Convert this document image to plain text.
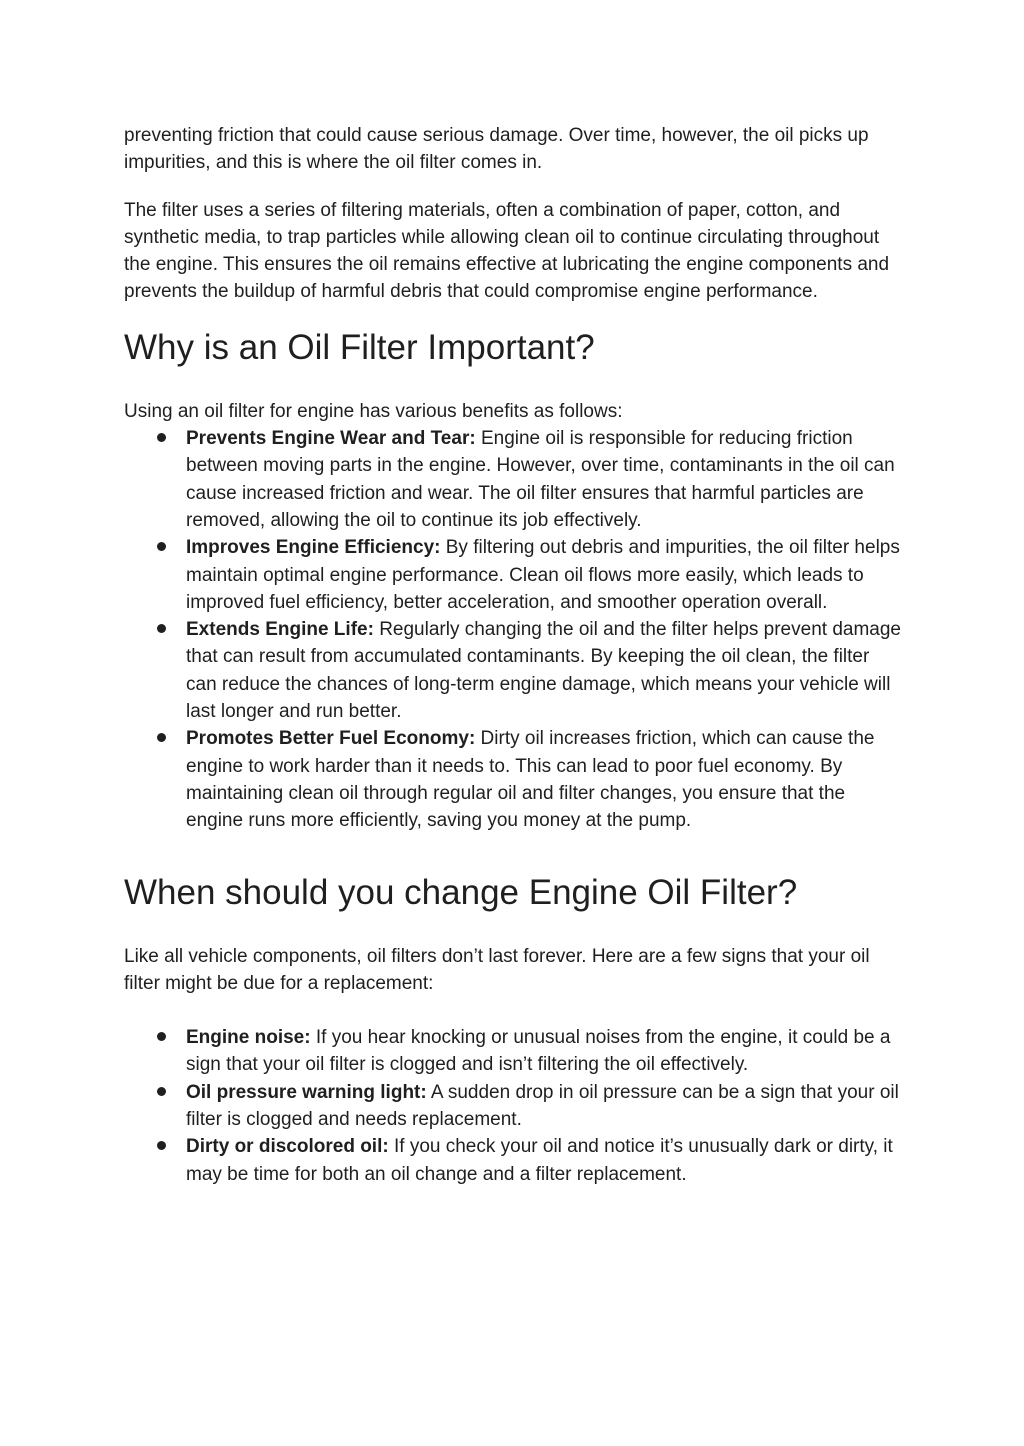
preventing friction that could cause serious damage. Over time, however, the oil picks up impurities, and this is where the oil filter comes in.

The filter uses a series of filtering materials, often a combination of paper, cotton, and synthetic media, to trap particles while allowing clean oil to continue circulating throughout the engine. This ensures the oil remains effective at lubricating the engine components and prevents the buildup of harmful debris that could compromise engine performance.

Why is an Oil Filter Important?

Using an oil filter for engine has various benefits as follows:

Prevents Engine Wear and Tear: Engine oil is responsible for reducing friction between moving parts in the engine. However, over time, contaminants in the oil can cause increased friction and wear. The oil filter ensures that harmful particles are removed, allowing the oil to continue its job effectively.
Improves Engine Efficiency: By filtering out debris and impurities, the oil filter helps maintain optimal engine performance. Clean oil flows more easily, which leads to improved fuel efficiency, better acceleration, and smoother operation overall.
Extends Engine Life: Regularly changing the oil and the filter helps prevent damage that can result from accumulated contaminants. By keeping the oil clean, the filter can reduce the chances of long-term engine damage, which means your vehicle will last longer and run better.
Promotes Better Fuel Economy: Dirty oil increases friction, which can cause the engine to work harder than it needs to. This can lead to poor fuel economy. By maintaining clean oil through regular oil and filter changes, you ensure that the engine runs more efficiently, saving you money at the pump.
When should you change Engine Oil Filter?

Like all vehicle components, oil filters don’t last forever. Here are a few signs that your oil filter might be due for a replacement:

Engine noise: If you hear knocking or unusual noises from the engine, it could be a sign that your oil filter is clogged and isn’t filtering the oil effectively.
Oil pressure warning light: A sudden drop in oil pressure can be a sign that your oil filter is clogged and needs replacement.
Dirty or discolored oil: If you check your oil and notice it’s unusually dark or dirty, it may be time for both an oil change and a filter replacement.
